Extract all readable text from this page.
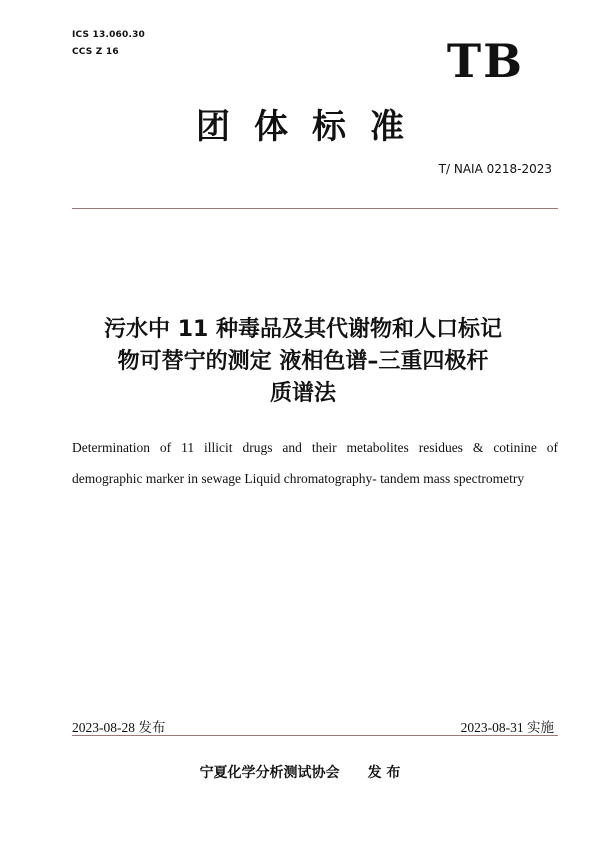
ICS 13.060.30
CCS Z 16	TB
团体标准
T/ NAIA 0218-2023
污水中 11 种毒品及其代谢物和人口标记
物可替宁的测定 液相色谱–三重四极杆
质谱法
Determination of 11 illicit drugs and their metabolites residues & cotinine of
demographic marker in sewage Liquid chromatography- tandem mass spectrometry
2023-08-28 发布	2023-08-31 实施
宁夏化学分析测试协会 发 布
